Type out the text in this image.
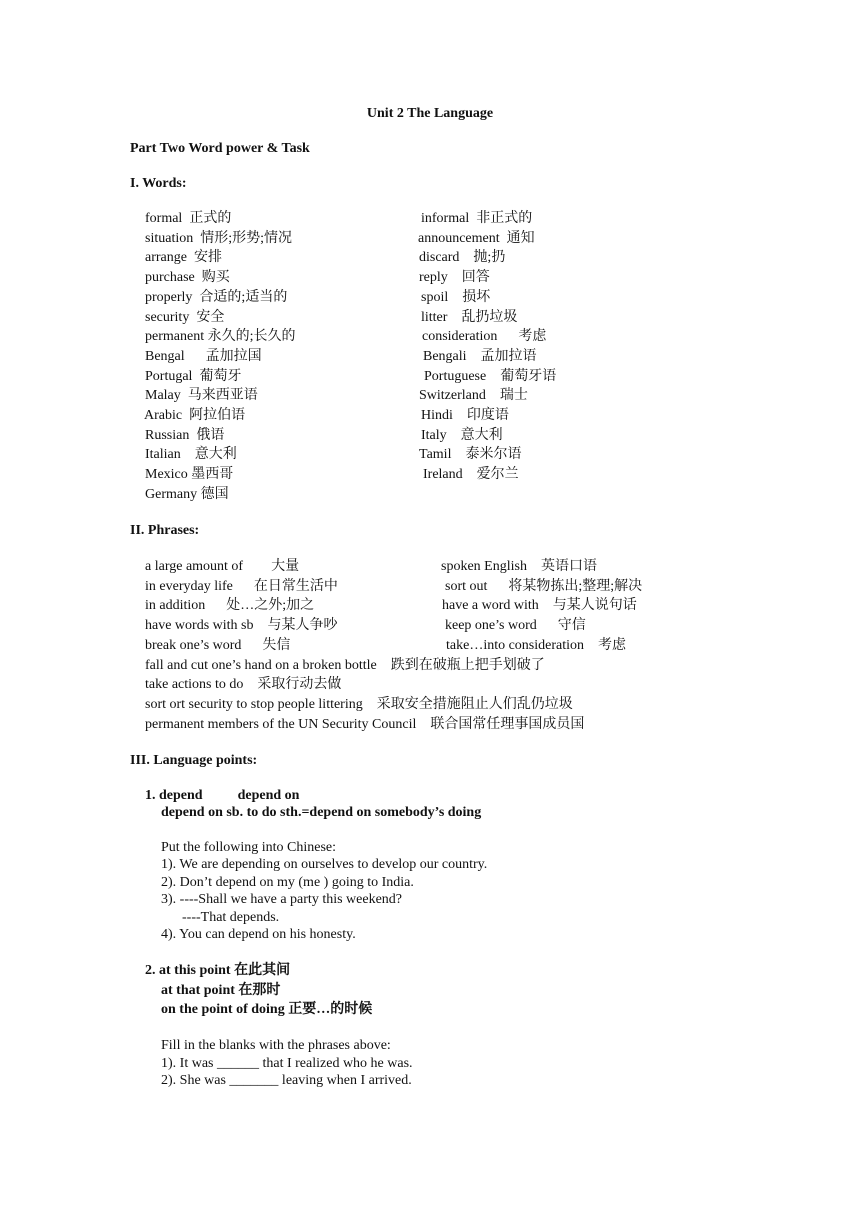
Unit 2 The Language
Part Two Word power & Task
I. Words:
formal  正式的	informal  非正式的
situation  情形;形势;情况	announcement  通知
arrange  安排	discard    抛;扔
purchase  购买	reply    回答
properly  合适的;适当的	spoil    损坏
security  安全	litter    乱扔垃圾
permanent 永久的;长久的	consideration      考虑
Bengal      孟加拉国	Bengali    孟加拉语
Portugal  葡萄牙	Portuguese    葡萄牙语
Malay  马来西亚语	Switzerland    瑞士
Arabic  阿拉伯语	Hindi    印度语
Russian  俄语	Italy    意大利
Italian    意大利	Tamil    泰米尔语
Mexico 墨西哥	Ireland    爱尔兰
Germany 德国
II. Phrases:
a large amount of        大量	spoken English    英语口语
in everyday life      在日常生活中	sort out      将某物拣出;整理;解决
in addition      处…之外;加之	have a word with    与某人说句话
have words with sb    与某人争吵	keep one’s word      守信
break one’s word      失信	take…into consideration    考虑
fall and cut one’s hand on a broken bottle    跌到在破瓶上把手划破了
take actions to do    采取行动去做
sort ort security to stop people littering    采取安全措施阻止人们乱仍垃圾
permanent members of the UN Security Council    联合国常任理事国成员国
III. Language points:
1. depend          depend on
depend on sb. to do sth.=depend on somebody’s doing
Put the following into Chinese:
1). We are depending on ourselves to develop our country.
2). Don’t depend on my (me ) going to India.
3). ----Shall we have a party this weekend?
----That depends.
4). You can depend on his honesty.
2. at this point 在此其间
at that point 在那时
on the point of doing 正要…的时候
Fill in the blanks with the phrases above:
1). It was ______ that I realized who he was.
2). She was _______ leaving when I arrived.
